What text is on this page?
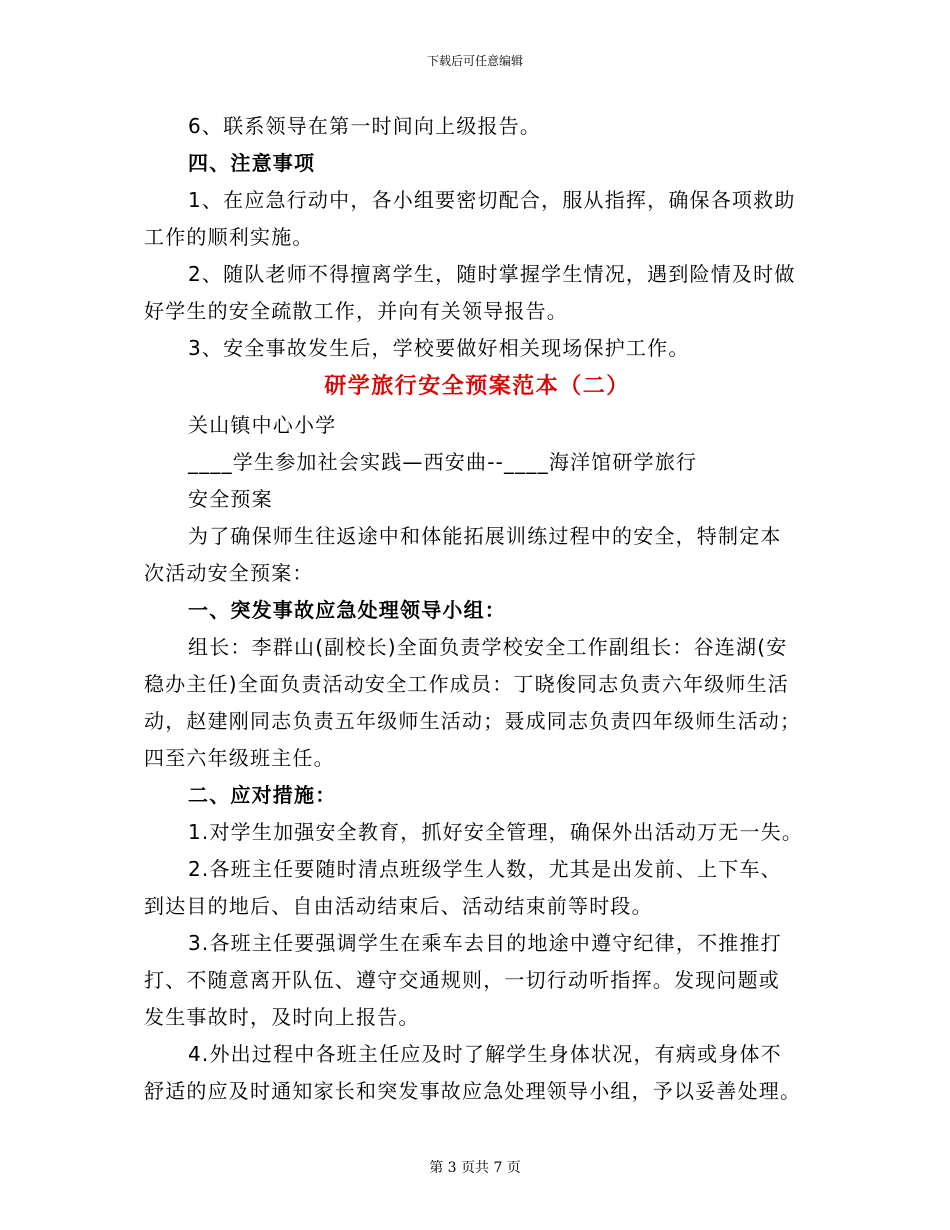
下载后可任意编辑

6、联系领导在第一时间向上级报告。

四、注意事项

1、在应急行动中，各小组要密切配合，服从指挥，确保各项救助

工作的顺利实施。

2、随队老师不得擅离学生，随时掌握学生情况，遇到险情及时做

好学生的安全疏散工作，并向有关领导报告。

3、安全事故发生后，学校要做好相关现场保护工作。

研学旅行安全预案范本（二）

关山镇中心小学

____学生参加社会实践—西安曲--____海洋馆研学旅行

安全预案

为了确保师生往返途中和体能拓展训练过程中的安全，特制定本

次活动安全预案：

一、突发事故应急处理领导小组：

组长：李群山(副校长)全面负责学校安全工作副组长：谷连湖(安

稳办主任)全面负责活动安全工作成员：丁晓俊同志负责六年级师生活

动，赵建刚同志负责五年级师生活动；聂成同志负责四年级师生活动；

四至六年级班主任。

二、应对措施：

1.对学生加强安全教育，抓好安全管理，确保外出活动万无一失。

2.各班主任要随时清点班级学生人数，尤其是出发前、上下车、

到达目的地后、自由活动结束后、活动结束前等时段。

3.各班主任要强调学生在乘车去目的地途中遵守纪律，不推推打

打、不随意离开队伍、遵守交通规则，一切行动听指挥。发现问题或

发生事故时，及时向上报告。

4.外出过程中各班主任应及时了解学生身体状况，有病或身体不

舒适的应及时通知家长和突发事故应急处理领导小组，予以妥善处理。

第 3 页共 7 页
